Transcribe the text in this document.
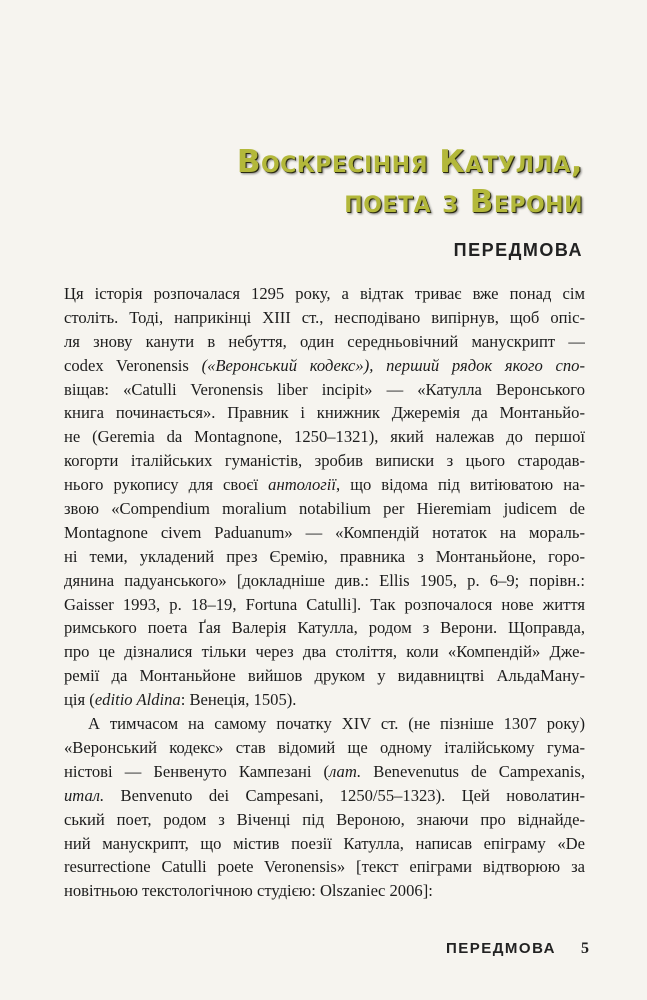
Воскресіння Катулла,
поета з Верони
ПЕРЕДМОВА
Ця історія розпочалася 1295 року, а відтак триває вже понад сім
століть. Тоді, наприкінці XIII ст., несподівано випірнув, щоб опіс-
ля знову канути в небуття, один середньовічний манускрипт —
codex Veronensis («Веронський кодекс»), перший рядок якого спо-
віщав: «Catulli Veronensis liber incipit» — «Катулла Веронського
книга починається». Правник і книжник Джеремія да Монтаньйо-
не (Geremia da Montagnone, 1250–1321), який належав до першої
когорти італійських гуманістів, зробив виписки з цього стародав-
нього рукопису для своєї антології, що відома під витіюватою на-
звою «Compendium moralium notabilium per Hieremiam judicem de
Montagnone civem Paduanum» — «Компендій нотаток на мораль-
ні теми, укладений през Єремію, правника з Монтаньйоне, горо-
дянина падуанського» [докладніше див.: Ellis 1905, p. 6–9; порівн.:
Gaisser 1993, p. 18–19, Fortuna Catulli]. Так розпочалося нове життя
римського поета Ґая Валерія Катулла, родом з Верони. Щоправда,
про це дізналися тільки через два століття, коли «Компендій» Дже-
ремії да Монтаньйоне вийшов друком у видавництві АльдаМану-
ція (editio Aldina: Венеція, 1505).
А тимчасом на самому початку XIV ст. (не пізніше 1307 року)
«Веронський кодекс» став відомий ще одному італійському гума-
ністові — Бенвенуто Кампезані (лат. Benevenutus de Campexanis,
итал. Benvenuto dei Campesani, 1250/55–1323). Цей новолатин-
ський поет, родом з Віченці під Вероною, знаючи про віднайде-
ний манускрипт, що містив поезії Катулла, написав епіграму «De
resurrectione Catulli poete Veronensis» [текст епіграми відтворюю за
новітньою текстологічною студією: Olszaniec 2006]:
ПЕРЕДМОВА 5
